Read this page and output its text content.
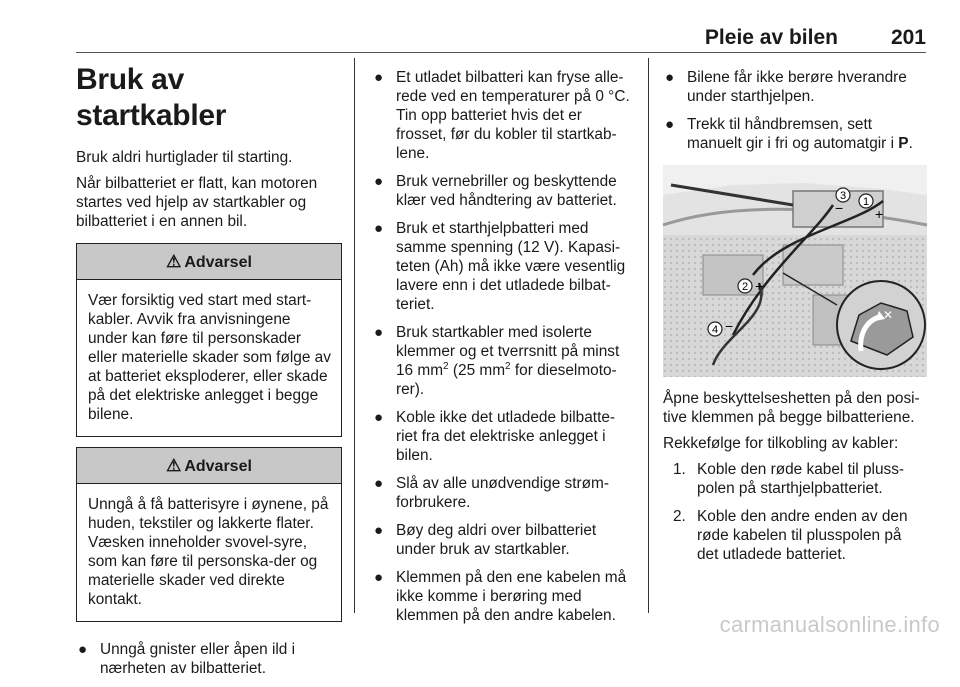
Pleie av bilen	201
Bruk av startkabler

Bruk aldri hurtiglader til starting.

Når bilbatteriet er flatt, kan motoren startes ved hjelp av startkabler og bilbatteriet i en annen bil.

⚠ Advarsel
Vær forsiktig ved start med start-kabler. Avvik fra anvisningene under kan føre til personskader eller materielle skader som følge av at batteriet eksploderer, eller skade på det elektriske anlegget i begge bilene.
⚠ Advarsel
Unngå å få batterisyre i øynene, på huden, tekstiler og lakkerte flater. Væsken inneholder svovel-syre, som kan føre til personska-der og materielle skader ved direkte kontakt.
● Unngå gnister eller åpen ild i nærheten av bilbatteriet.
● Et utladet bilbatteri kan fryse alle-rede ved en temperaturer på 0 °C. Tin opp batteriet hvis det er frosset, før du kobler til startkab-lene.
● Bruk vernebriller og beskyttende klær ved håndtering av batteriet.
● Bruk et starthjelpbatteri med samme spenning (12 V). Kapasi-teten (Ah) må ikke være vesentlig lavere enn i det utladede bilbat-teriet.
● Bruk startkabler med isolerte klemmer og et tverrsnitt på minst 16 $mm^2$ (25 $mm^2$ for dieselmoto-rer).
● Koble ikke det utladede bilbatte-riet fra det elektriske anlegget i bilen.
● Slå av alle unødvendige strøm-forbrukere.
● Bøy deg aldri over bilbatteriet under bruk av startkabler.
● Klemmen på den ene kabelen må ikke komme i berøring med klemmen på den andre kabelen.
● Bilene får ikke berøre hverandre under starthjelpen.
● Trekk til håndbremsen, sett manuelt gir i fri og automatgir i P.
✕
1
+
3
−
2 +
4 −

Åpne beskyttelseshetten på den posi-tive klemmen på begge bilbatteriene.

Rekkefølge for tilkobling av kabler:

1. Koble den røde kabel til pluss-polen på starthjelpbatteriet.
2. Koble den andre enden av den røde kabelen til plusspolen på det utladede batteriet.
carmanualsonline.info
